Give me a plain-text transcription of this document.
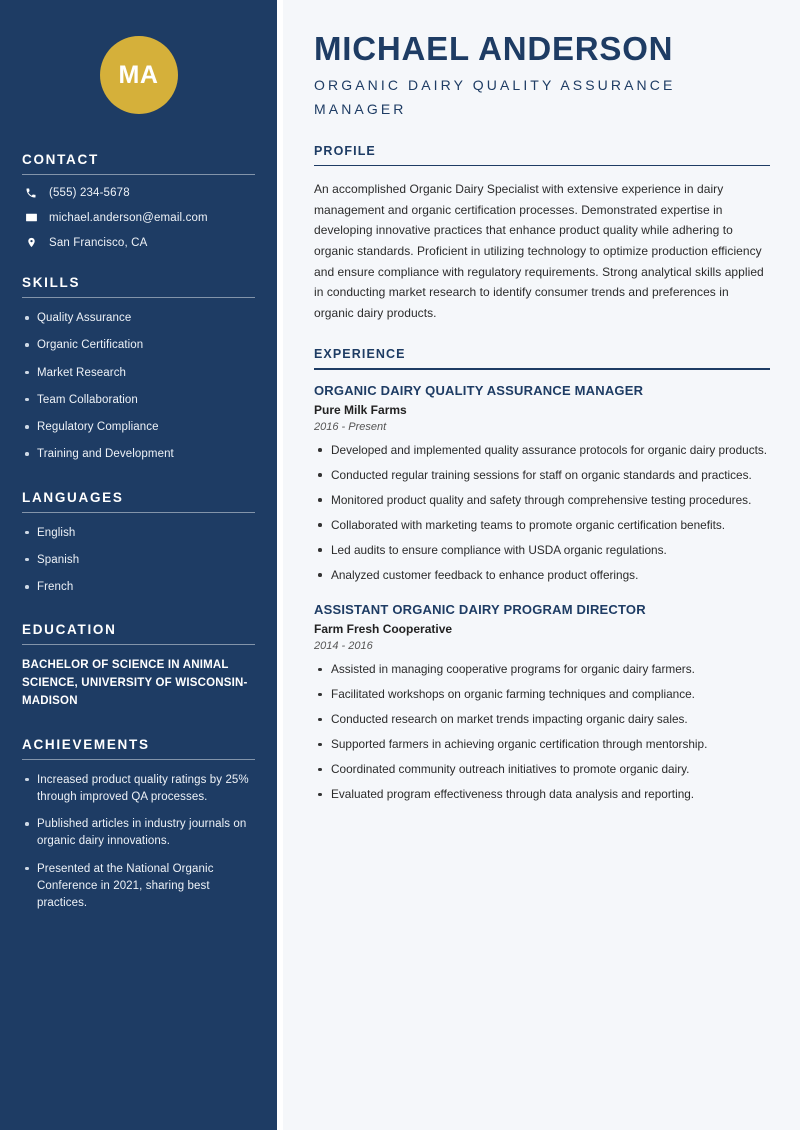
MA
CONTACT
(555) 234-5678
michael.anderson@email.com
San Francisco, CA
SKILLS
Quality Assurance
Organic Certification
Market Research
Team Collaboration
Regulatory Compliance
Training and Development
LANGUAGES
English
Spanish
French
EDUCATION
BACHELOR OF SCIENCE IN ANIMAL SCIENCE, UNIVERSITY OF WISCONSIN-MADISON
ACHIEVEMENTS
Increased product quality ratings by 25% through improved QA processes.
Published articles in industry journals on organic dairy innovations.
Presented at the National Organic Conference in 2021, sharing best practices.
MICHAEL ANDERSON
ORGANIC DAIRY QUALITY ASSURANCE MANAGER
PROFILE

An accomplished Organic Dairy Specialist with extensive experience in dairy management and organic certification processes. Demonstrated expertise in developing innovative practices that enhance product quality while adhering to organic standards. Proficient in utilizing technology to optimize production efficiency and ensure compliance with regulatory requirements. Strong analytical skills applied in conducting market research to identify consumer trends and preferences in organic dairy products.

EXPERIENCE
ORGANIC DAIRY QUALITY ASSURANCE MANAGER
Pure Milk Farms
2016 - Present
Developed and implemented quality assurance protocols for organic dairy products.
Conducted regular training sessions for staff on organic standards and practices.
Monitored product quality and safety through comprehensive testing procedures.
Collaborated with marketing teams to promote organic certification benefits.
Led audits to ensure compliance with USDA organic regulations.
Analyzed customer feedback to enhance product offerings.
ASSISTANT ORGANIC DAIRY PROGRAM DIRECTOR
Farm Fresh Cooperative
2014 - 2016
Assisted in managing cooperative programs for organic dairy farmers.
Facilitated workshops on organic farming techniques and compliance.
Conducted research on market trends impacting organic dairy sales.
Supported farmers in achieving organic certification through mentorship.
Coordinated community outreach initiatives to promote organic dairy.
Evaluated program effectiveness through data analysis and reporting.
